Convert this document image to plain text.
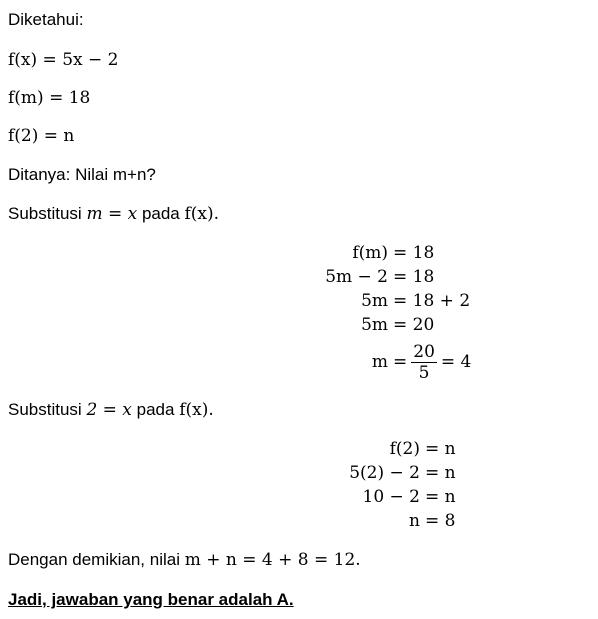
Diketahui:
f(x) = 5x − 2
f(m) = 18
f(2) = n
Ditanya: Nilai m+n?
Substitusi m = x pada f(x).
f(m) = 18
5m − 2 = 18
5m = 18 + 2
5m = 20
$m = \frac{20}{5} = 4$
Substitusi 2 = x pada f(x).
f(2) = n
5(2) − 2 = n
10 − 2 = n
n = 8
Dengan demikian, nilai m + n = 4 + 8 = 12.
Jadi, jawaban yang benar adalah A.
